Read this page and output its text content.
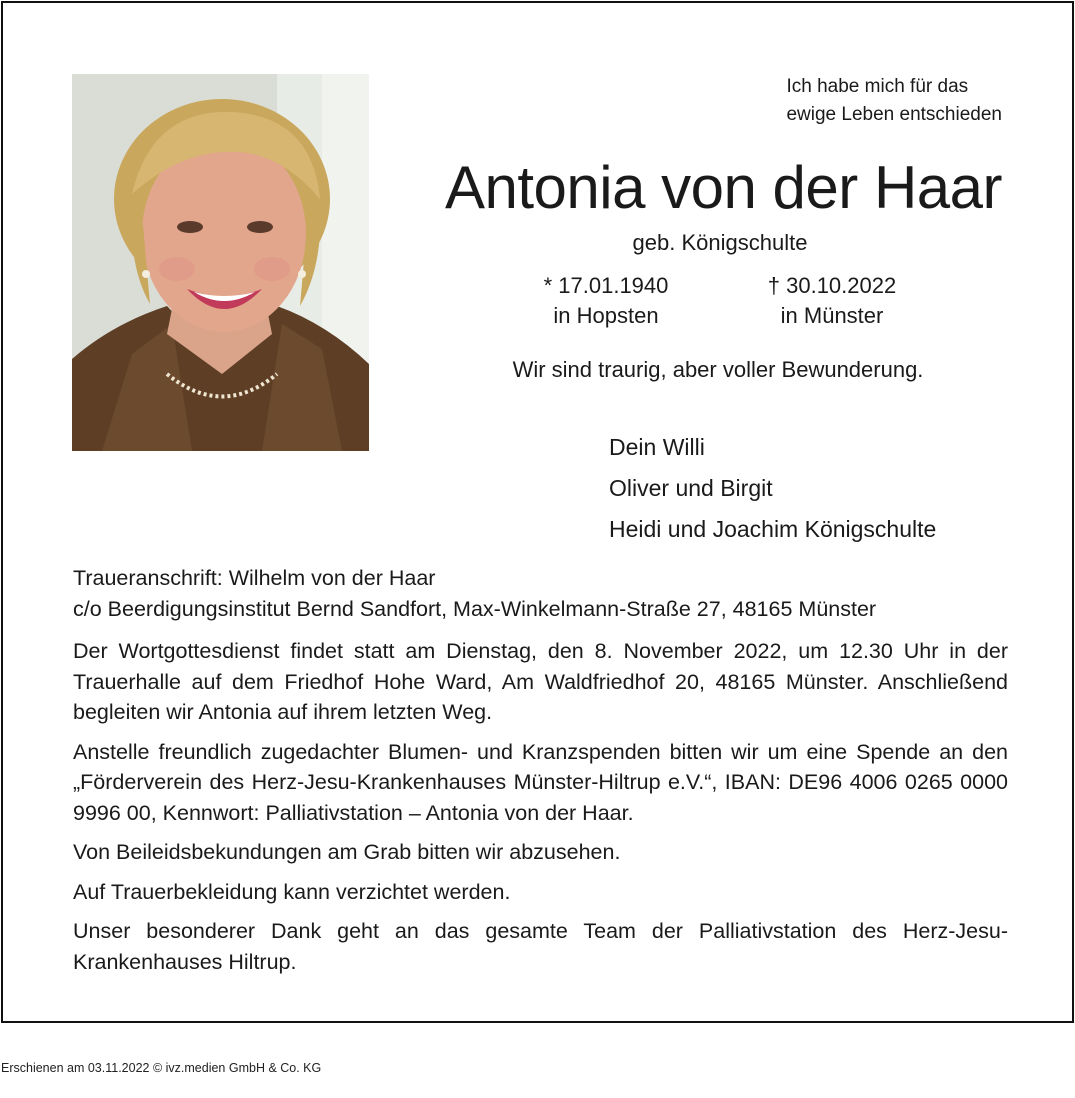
Ich habe mich für das
ewige Leben entschieden
Antonia von der Haar
geb. Königschulte
* 17.01.1940
in Hopsten
† 30.10.2022
in Münster
Wir sind traurig, aber voller Bewunderung.
Dein Willi
Oliver und Birgit
Heidi und Joachim Königschulte

Traueranschrift: Wilhelm von der Haar
c/o Beerdigungsinstitut Bernd Sandfort, Max-Winkelmann-Straße 27, 48165 Münster

Der Wortgottesdienst findet statt am Dienstag, den 8. November 2022, um 12.30 Uhr in der Trauerhalle auf dem Friedhof Hohe Ward, Am Waldfriedhof 20, 48165 Münster. Anschließend begleiten wir Antonia auf ihrem letzten Weg.

Anstelle freundlich zugedachter Blumen- und Kranzspenden bitten wir um eine Spende an den „Förderverein des Herz-Jesu-Krankenhauses Münster-Hiltrup e.V.“, IBAN: DE96 4006 0265 0000 9996 00, Kennwort: Palliativstation – Antonia von der Haar.

Von Beileidsbekundungen am Grab bitten wir abzusehen.

Auf Trauerbekleidung kann verzichtet werden.

Unser besonderer Dank geht an das gesamte Team der Palliativstation des Herz-Jesu-Krankenhauses Hiltrup.

Erschienen am 03.11.2022 © ivz.medien GmbH & Co. KG
